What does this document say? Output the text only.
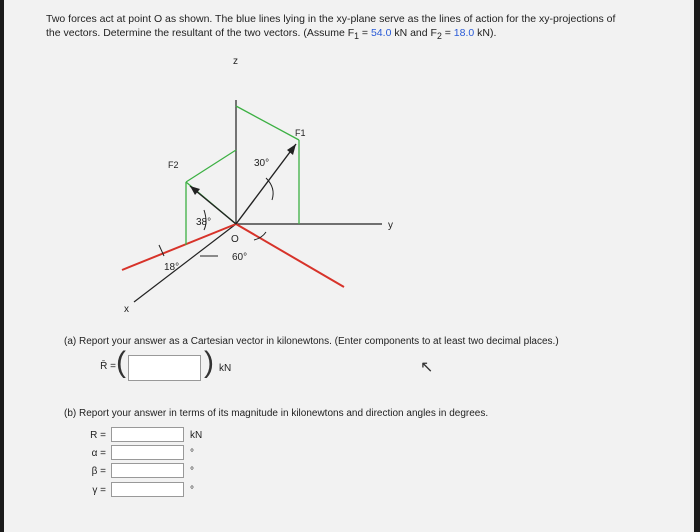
Two forces act at point O as shown. The blue lines lying in the xy-plane serve as the lines of action for the xy-projections of
the vectors. Determine the resultant of the two vectors. (Assume $F_1 = 54.0$ kN and $F_2 = 18.0$ kN).
z
y
x
O
F1
F2	30°
38°
18°
60°
(a) Report your answer as a Cartesian vector in kilonewtons. (Enter components to at least two decimal places.)
R̄ = (	) kN	↖
(b) Report your answer in terms of its magnitude in kilonewtons and direction angles in degrees.
R =	kN
α =	°
β =	°
γ =	°
